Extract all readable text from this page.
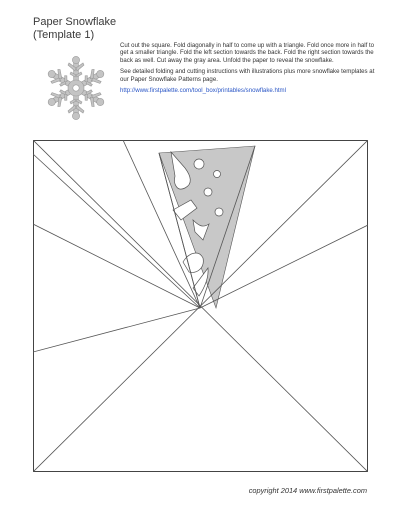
Paper Snowflake
(Template 1)

Cut out the square. Fold diagonally in half to come up with a triangle. Fold once more in half to get a smaller triangle. Fold the left section towards the back. Fold the right section towards the back as well. Cut away the gray area. Unfold the paper to reveal the snowflake.

See detailed folding and cutting instructions with illustrations plus more snowflake templates at our Paper Snowflake Patterns page.

http://www.firstpalette.com/tool_box/printables/snowflake.html

copyright 2014 www.firstpalette.com
